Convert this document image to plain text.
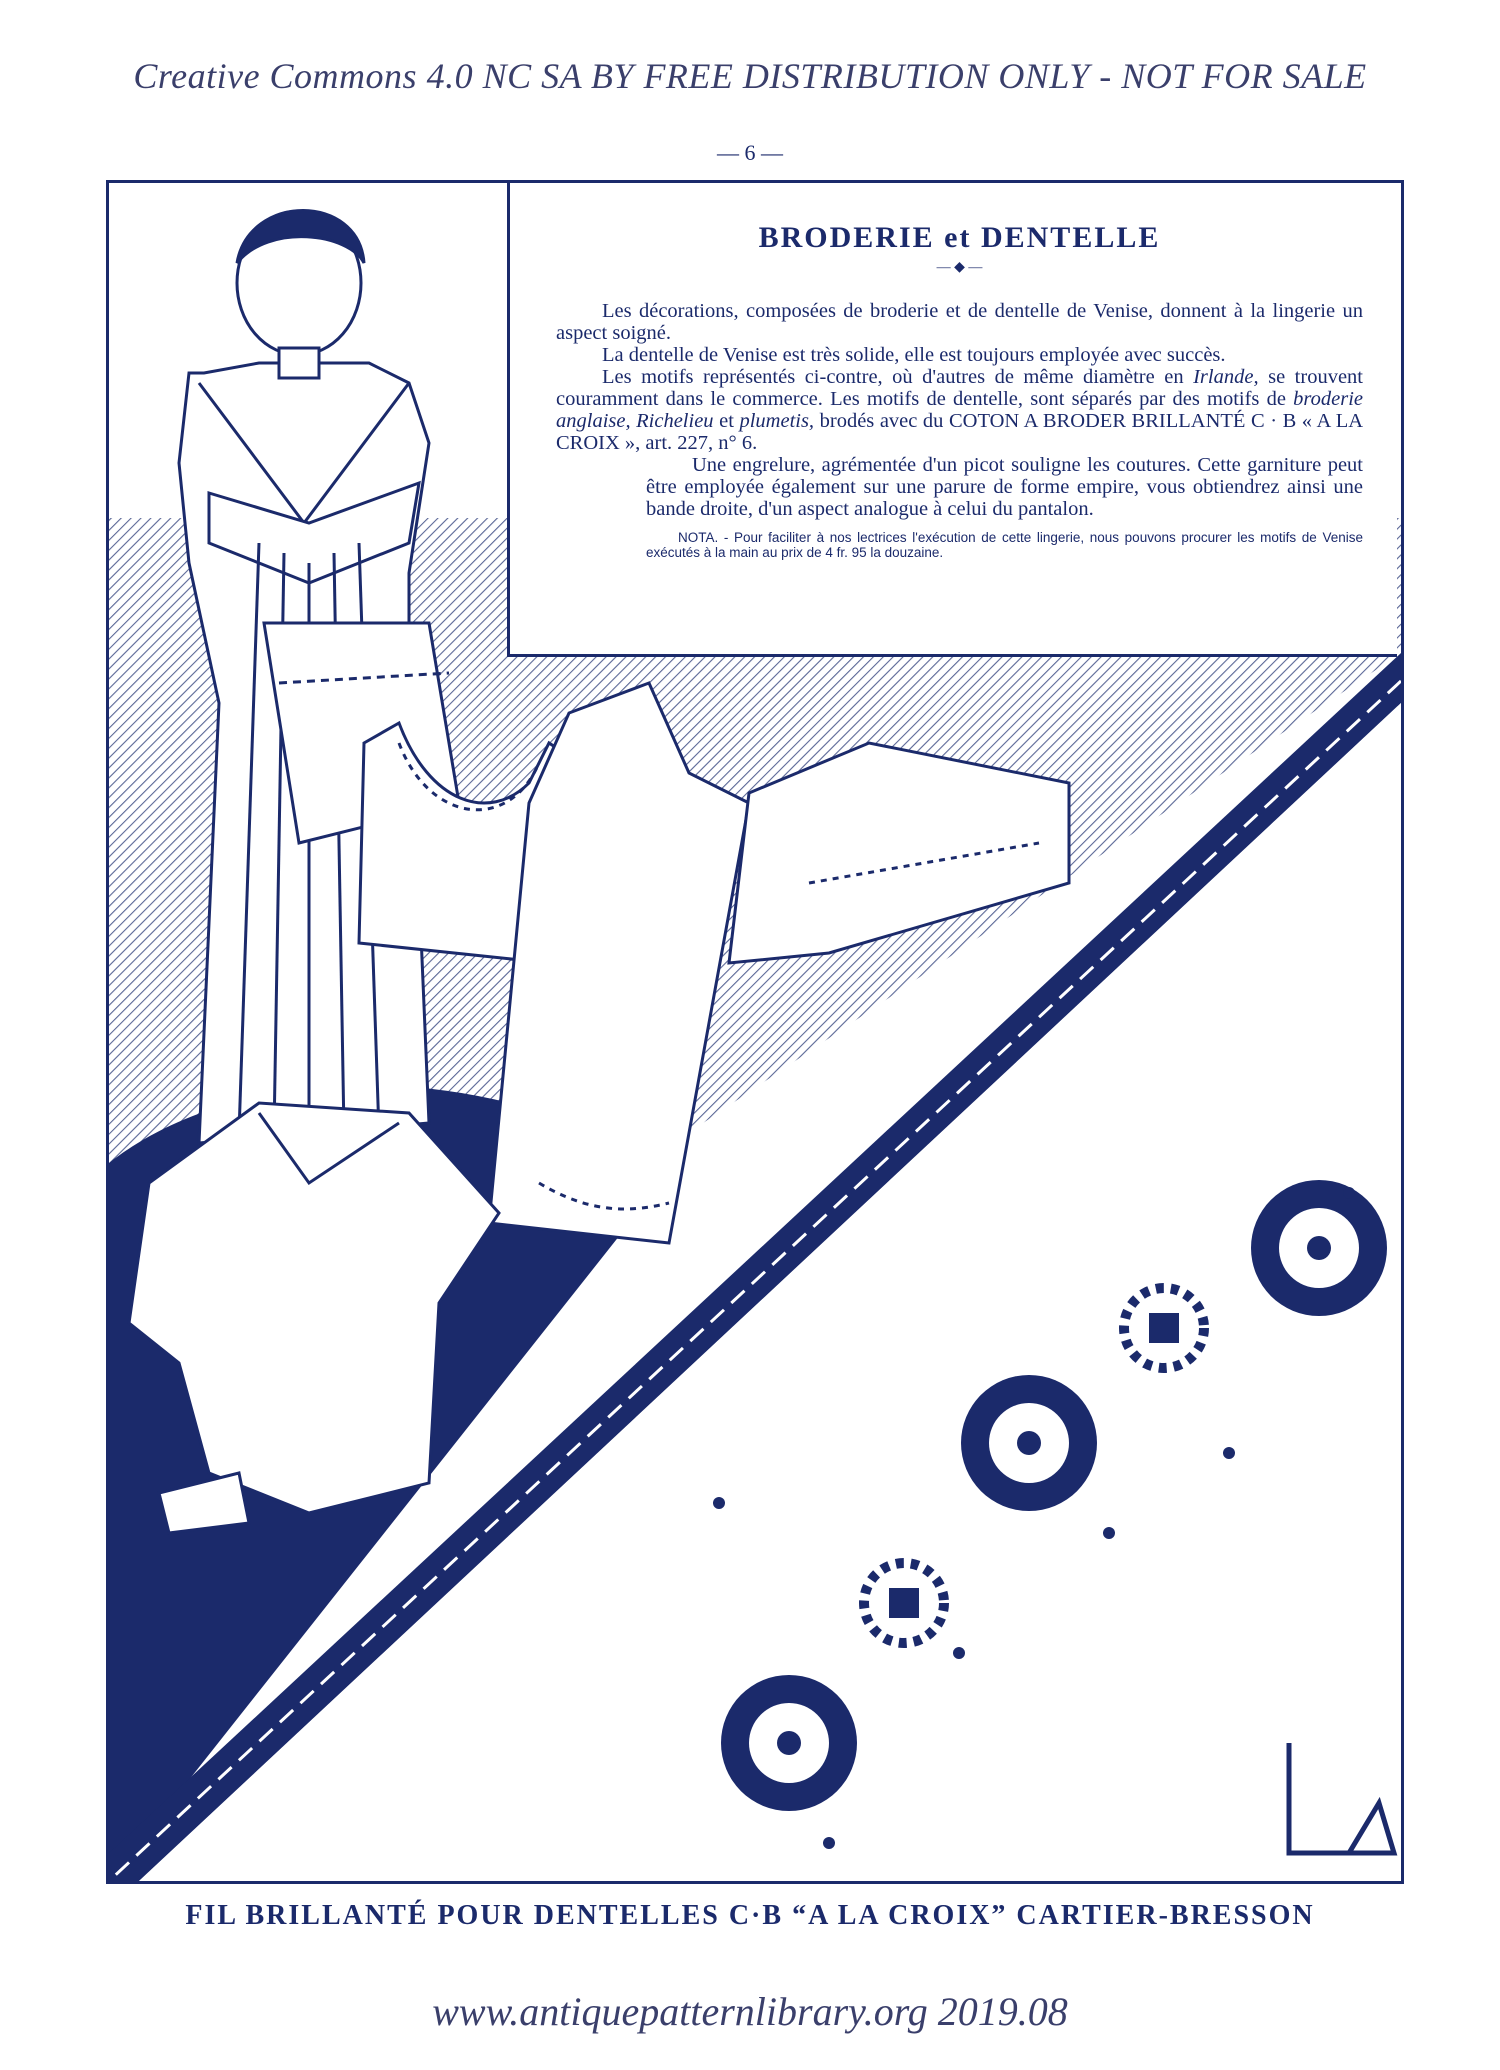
Creative Commons 4.0 NC SA BY FREE DISTRIBUTION ONLY - NOT FOR SALE
— 6 —
BRODERIE et DENTELLE
— ◆ —

Les décorations, composées de broderie et de dentelle de Venise, donnent à la lingerie un aspect soigné.

La dentelle de Venise est très solide, elle est toujours employée avec succès.

Les motifs représentés ci-contre, où d'autres de même diamètre en Irlande, se trouvent couramment dans le commerce. Les motifs de dentelle, sont séparés par des motifs de broderie anglaise, Richelieu et plumetis, brodés avec du COTON A BRODER BRILLANTÉ C · B « A LA CROIX », art. 227, n° 6.

Une engrelure, agrémentée d'un picot souligne les coutures. Cette garniture peut être employée également sur une parure de forme empire, vous obtiendrez ainsi une bande droite, d'un aspect analogue à celui du pantalon.

NOTA. - Pour faciliter à nos lectrices l'exécution de cette lingerie, nous pouvons procurer les motifs de Venise exécutés à la main au prix de 4 fr. 95 la douzaine.

FIL BRILLANTÉ POUR DENTELLES C·B “A LA CROIX” CARTIER-BRESSON
www.antiquepatternlibrary.org 2019.08
